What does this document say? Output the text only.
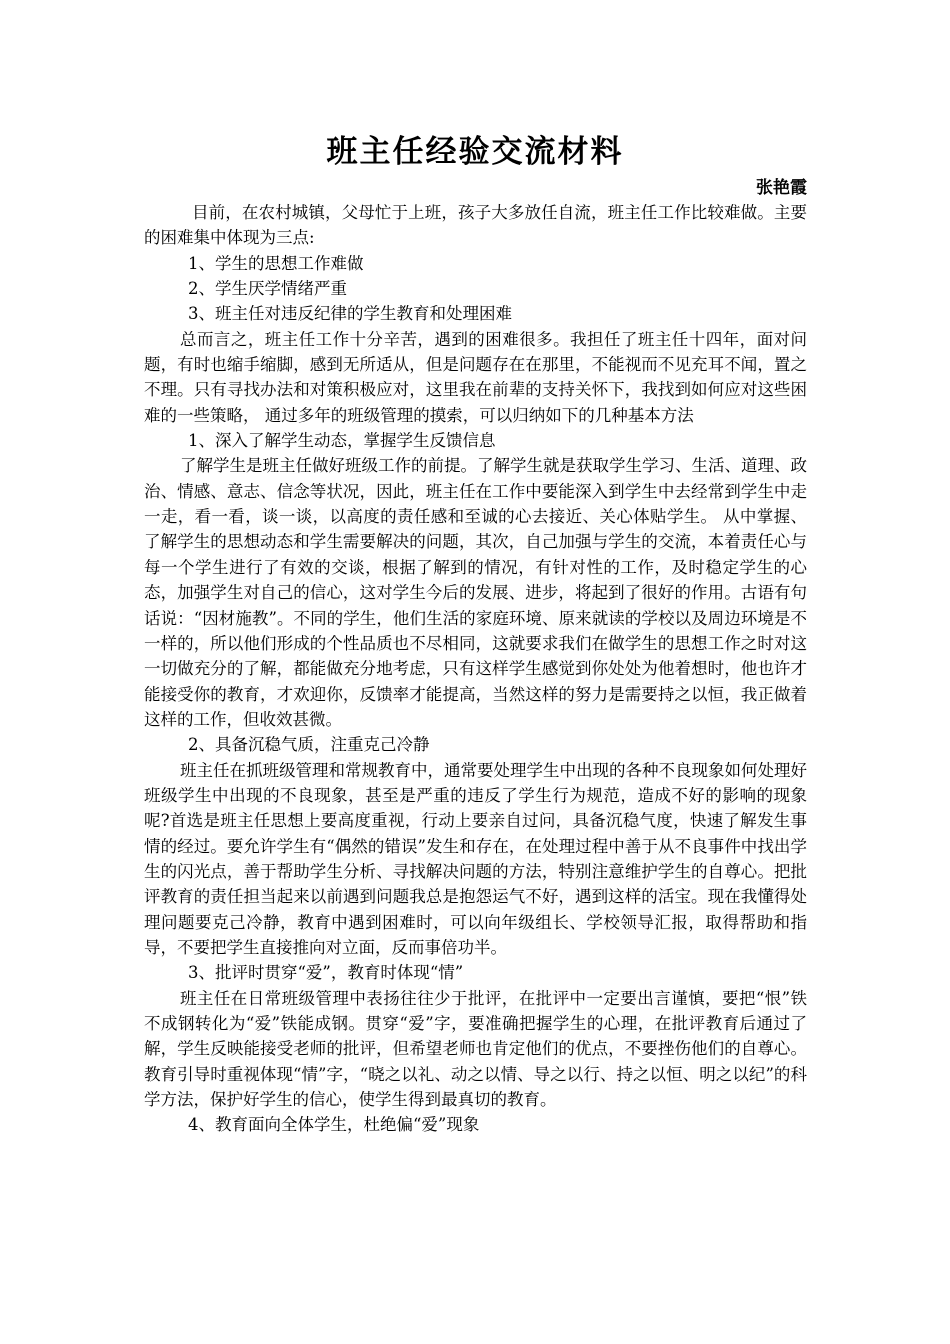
班主任经验交流材料
张艳霞

目前，在农村城镇，父母忙于上班，孩子大多放任自流，班主任工作比较难做。主要的困难集中体现为三点:

1、学生的思想工作难做

2、学生厌学情绪严重

3、班主任对违反纪律的学生教育和处理困难

总而言之，班主任工作十分辛苦，遇到的困难很多。我担任了班主任十四年，面对问题，有时也缩手缩脚，感到无所适从，但是问题存在在那里，不能视而不见充耳不闻，置之不理。只有寻找办法和对策积极应对，这里我在前辈的支持关怀下，我找到如何应对这些困难的一些策略， 通过多年的班级管理的摸索，可以归纳如下的几种基本方法

1、深入了解学生动态，掌握学生反馈信息

了解学生是班主任做好班级工作的前提。了解学生就是获取学生学习、生活、道理、政治、情感、意志、信念等状况，因此，班主任在工作中要能深入到学生中去经常到学生中走一走，看一看，谈一谈，以高度的责任感和至诚的心去接近、关心体贴学生。 从中掌握、了解学生的思想动态和学生需要解决的问题，其次，自己加强与学生的交流，本着责任心与每一个学生进行了有效的交谈，根据了解到的情况，有针对性的工作，及时稳定学生的心态，加强学生对自己的信心，这对学生今后的发展、进步，将起到了很好的作用。古语有句话说：“因材施教”。不同的学生，他们生活的家庭环境、原来就读的学校以及周边环境是不一样的，所以他们形成的个性品质也不尽相同，这就要求我们在做学生的思想工作之时对这一切做充分的了解，都能做充分地考虑，只有这样学生感觉到你处处为他着想时，他也许才能接受你的教育，才欢迎你，反馈率才能提高，当然这样的努力是需要持之以恒，我正做着这样的工作，但收效甚微。

2、具备沉稳气质，注重克己冷静

班主任在抓班级管理和常规教育中，通常要处理学生中出现的各种不良现象如何处理好班级学生中出现的不良现象，甚至是严重的违反了学生行为规范，造成不好的影响的现象呢?首选是班主任思想上要高度重视，行动上要亲自过问，具备沉稳气度，快速了解发生事情的经过。要允许学生有“偶然的错误”发生和存在，在处理过程中善于从不良事件中找出学生的闪光点，善于帮助学生分析、寻找解决问题的方法，特别注意维护学生的自尊心。把批评教育的责任担当起来以前遇到问题我总是抱怨运气不好，遇到这样的活宝。现在我懂得处理问题要克己冷静，教育中遇到困难时，可以向年级组长、学校领导汇报，取得帮助和指导，不要把学生直接推向对立面，反而事倍功半。

3、批评时贯穿“爱”，教育时体现“情”

班主任在日常班级管理中表扬往往少于批评，在批评中一定要出言谨慎，要把“恨”铁不成钢转化为“爱”铁能成钢。贯穿“爱”字，要准确把握学生的心理，在批评教育后通过了解，学生反映能接受老师的批评，但希望老师也肯定他们的优点，不要挫伤他们的自尊心。教育引导时重视体现“情”字，“晓之以礼、动之以情、导之以行、持之以恒、明之以纪”的科学方法，保护好学生的信心，使学生得到最真切的教育。

4、教育面向全体学生，杜绝偏“爱”现象
